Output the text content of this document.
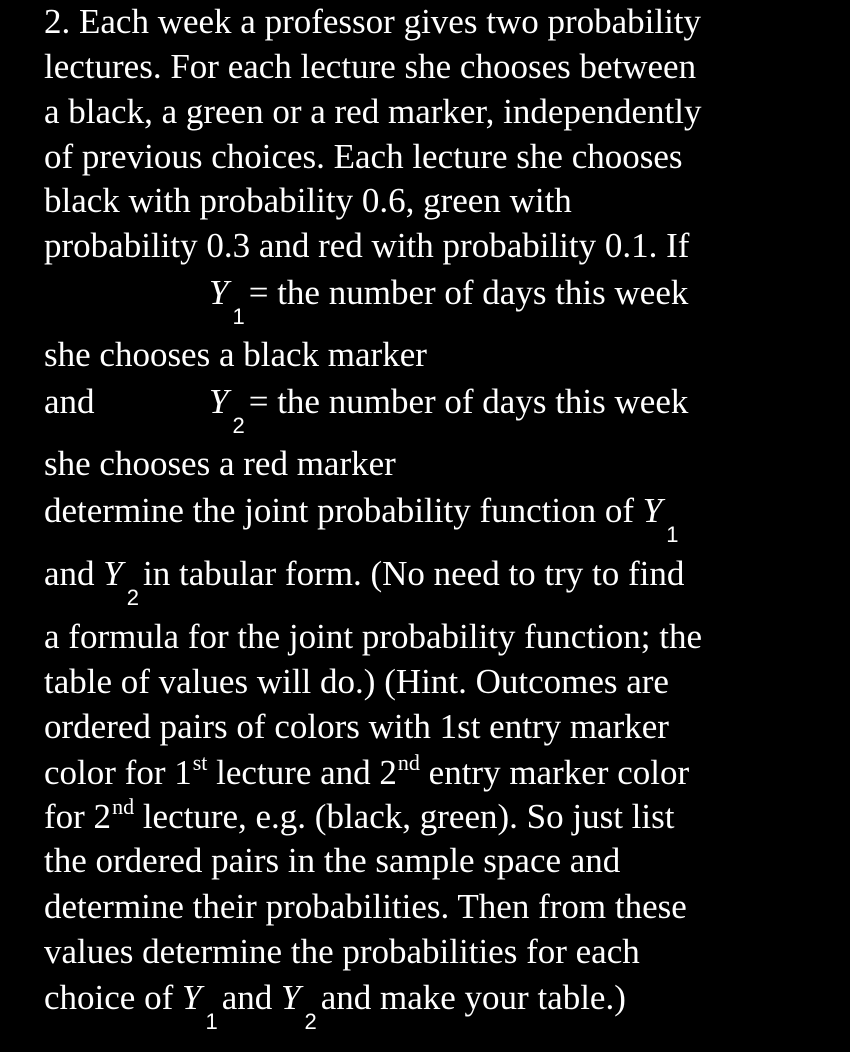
2. Each week a professor gives two probability
lectures. For each lecture she chooses between
a black, a green or a red marker, independently
of previous choices. Each lecture she chooses
black with probability 0.6, green with
probability 0.3 and red with probability 0.1. If
Y1= the number of days this week
she chooses a black marker
and	Y2= the number of days this week
she chooses a red marker
determine the joint probability function of Y1
and Y2in tabular form. (No need to try to find
a formula for the joint probability function; the
table of values will do.) (Hint. Outcomes are
ordered pairs of colors with 1st entry marker
color for 1st lecture and 2nd entry marker color
for 2nd lecture, e.g. (black, green). So just list
the ordered pairs in the sample space and
determine their probabilities. Then from these
values determine the probabilities for each
choice of Y1and Y2and make your table.)
